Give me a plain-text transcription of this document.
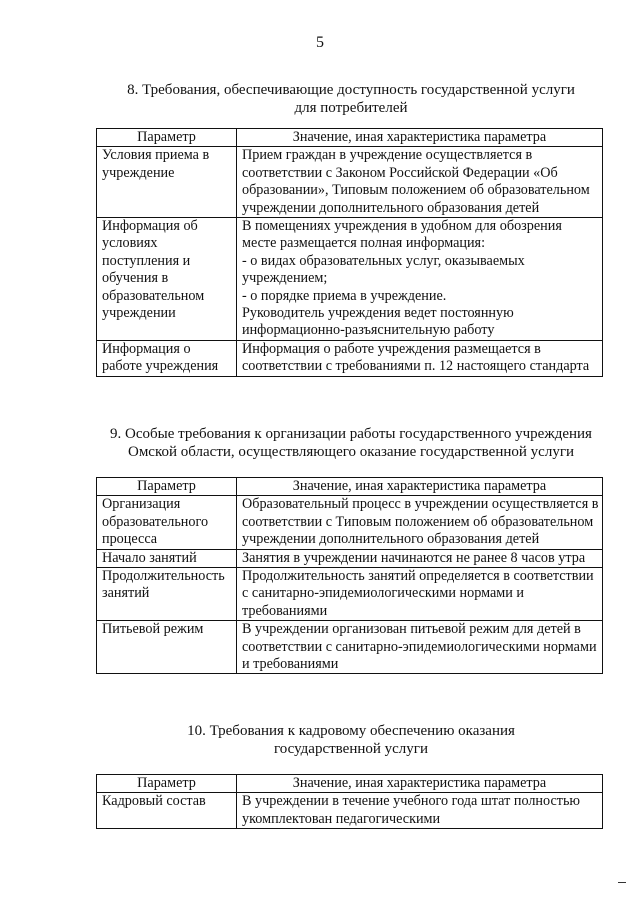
5
8. Требования, обеспечивающие доступность государственной услуги
для потребителей
Параметр	Значение, иная характеристика параметра
Условия приема в учреждение	Прием граждан в учреждение осуществляется в соответствии с Законом Российской Федерации «Об образовании», Типовым положением об образовательном учреждении дополнительного образования детей
Информация об условиях поступления и обучения в образовательном учреждении	В помещениях учреждения в удобном для обозрения месте размещается полная информация:
- о видах образовательных услуг, оказываемых учреждением;
- о порядке приема в учреждение.
Руководитель учреждения ведет постоянную информационно-разъяснительную работу

Информация о работе учреждения	Информация о работе учреждения размещается в соответствии с требованиями п. 12 настоящего стандарта
9. Особые требования к организации работы государственного учреждения
Омской области, осуществляющего оказание государственной услуги
Параметр	Значение, иная характеристика параметра
Организация образовательного процесса	Образовательный процесс в учреждении осуществляется в соответствии с Типовым положением об образовательном учреждении дополнительного образования детей
Начало занятий	Занятия в учреждении начинаются не ранее 8 часов утра
Продолжительность занятий	Продолжительность занятий определяется в соответствии с санитарно-эпидемиологическими нормами и требованиями
Питьевой режим	В учреждении организован питьевой режим для детей в соответствии с санитарно-эпидемиологическими нормами и требованиями
10. Требования к кадровому обеспечению оказания
государственной услуги
Параметр	Значение, иная характеристика параметра
Кадровый состав	В учреждении в течение учебного года штат полностью укомплектован педагогическими
